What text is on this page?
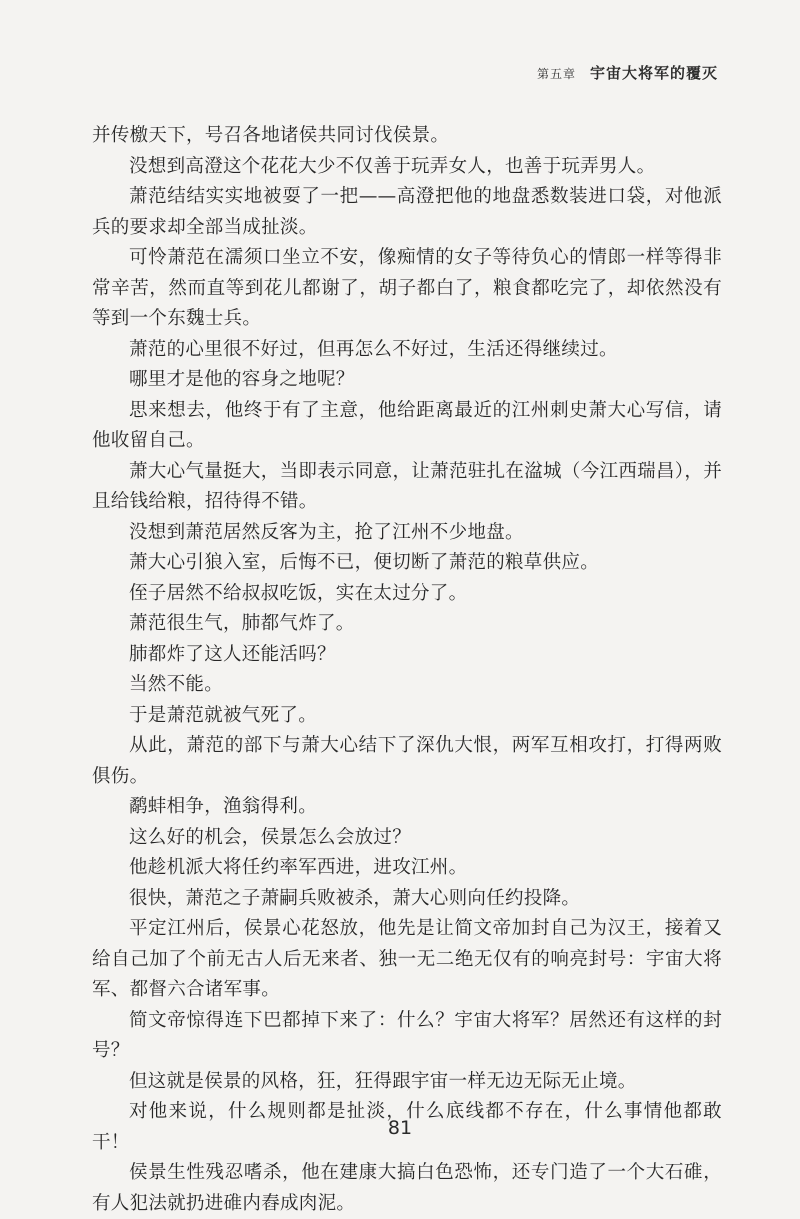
第五章 宇宙大将军的覆灭

并传檄天下，号召各地诸侯共同讨伐侯景。

没想到高澄这个花花大少不仅善于玩弄女人，也善于玩弄男人。

萧范结结实实地被耍了一把——高澄把他的地盘悉数装进口袋，对他派兵的要求却全部当成扯淡。

可怜萧范在濡须口坐立不安，像痴情的女子等待负心的情郎一样等得非常辛苦，然而直等到花儿都谢了，胡子都白了，粮食都吃完了，却依然没有等到一个东魏士兵。

萧范的心里很不好过，但再怎么不好过，生活还得继续过。

哪里才是他的容身之地呢？

思来想去，他终于有了主意，他给距离最近的江州刺史萧大心写信，请他收留自己。

萧大心气量挺大，当即表示同意，让萧范驻扎在湓城（今江西瑞昌），并且给钱给粮，招待得不错。

没想到萧范居然反客为主，抢了江州不少地盘。

萧大心引狼入室，后悔不已，便切断了萧范的粮草供应。

侄子居然不给叔叔吃饭，实在太过分了。

萧范很生气，肺都气炸了。

肺都炸了这人还能活吗？

当然不能。

于是萧范就被气死了。

从此，萧范的部下与萧大心结下了深仇大恨，两军互相攻打，打得两败俱伤。

鹬蚌相争，渔翁得利。

这么好的机会，侯景怎么会放过？

他趁机派大将任约率军西进，进攻江州。

很快，萧范之子萧嗣兵败被杀，萧大心则向任约投降。

平定江州后，侯景心花怒放，他先是让简文帝加封自己为汉王，接着又给自己加了个前无古人后无来者、独一无二绝无仅有的响亮封号：宇宙大将军、都督六合诸军事。

简文帝惊得连下巴都掉下来了：什么？宇宙大将军？居然还有这样的封号？

但这就是侯景的风格，狂，狂得跟宇宙一样无边无际无止境。

对他来说，什么规则都是扯淡，什么底线都不存在，什么事情他都敢干！

侯景生性残忍嗜杀，他在建康大搞白色恐怖，还专门造了一个大石碓，有人犯法就扔进碓内舂成肉泥。

81
